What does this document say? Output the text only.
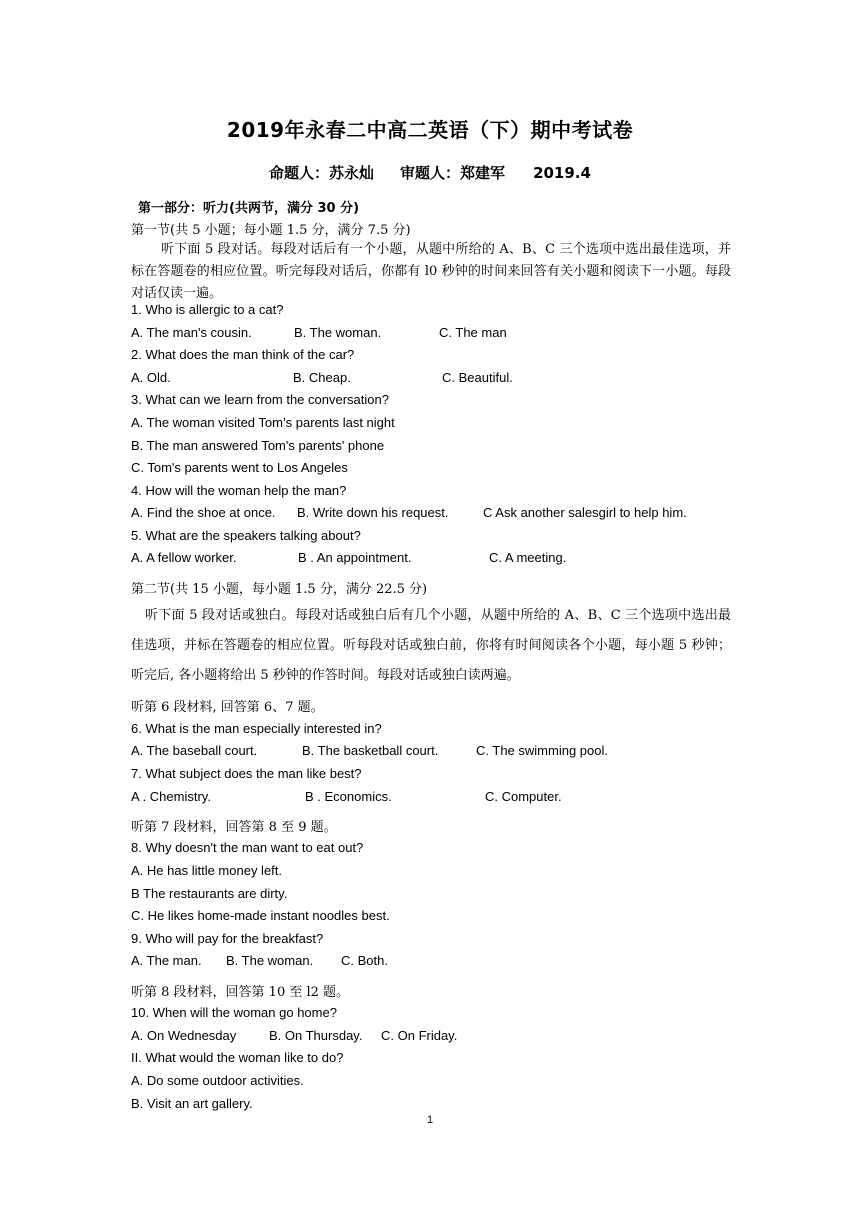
2019年永春二中高二英语（下）期中考试卷
命题人：苏永灿 审题人：郑建军 2019.4
第一部分：听力(共两节，满分 30 分)
第一节(共 5 小题；每小题 1.5 分，满分 7.5 分)
听下面 5 段对话。每段对话后有一个小题，从题中所给的 A、B、C 三个选项中选出最佳选项，并标在答题卷的相应位置。听完每段对话后，你都有 l0 秒钟的时间来回答有关小题和阅读下一小题。每段对话仅读一遍。
1. Who is allergic to a cat?
A. The man's cousin.	B. The woman.	C. The man
2. What does the man think of the car?
A. Old.	B. Cheap.	C. Beautiful.
3. What can we learn from the conversation?
A. The woman visited Tom’s parents last night
B. The man answered Tom's parents' phone
C. Tom's parents went to Los Angeles
4. How will the woman help the man?
A. Find the shoe at once. B. Write down his request.	C Ask another salesgirl to help him.
5. What are the speakers talking about?
A. A fellow worker.	B . An appointment.	C. A meeting.
第二节(共 15 小题，每小题 1.5 分，满分 22.5 分)
听下面 5 段对话或独白。每段对话或独白后有几个小题，从题中所给的 A、B、C 三个选项中选出最佳选项，并标在答题卷的相应位置。听每段对话或独白前，你将有时间阅读各个小题，每小题 5 秒钟；听完后, 各小题将给出 5 秒钟的作答时间。每段对话或独白读两遍。
听第 6 段材料, 回答第 6、7 题。
6. What is the man especially interested in?
A. The baseball court.	B. The basketball court.	C. The swimming pool.
7. What subject does the man like best?
A . Chemistry.	B . Economics.	C. Computer.
听第 7 段材料，回答第 8 至 9 题。
8. Why doesn't the man want to eat out?
A. He has little money left.
B The restaurants are dirty.
C. He likes home-made instant noodles best.
9. Who will pay for the breakfast?
A. The man. B. The woman. C. Both.
听第 8 段材料，回答第 10 至 l2 题。
10. When will the woman go home?
A. On Wednesday	B. On Thursday. C. On Friday.
II. What would the woman like to do?
A. Do some outdoor activities.
B. Visit an art gallery.
1
